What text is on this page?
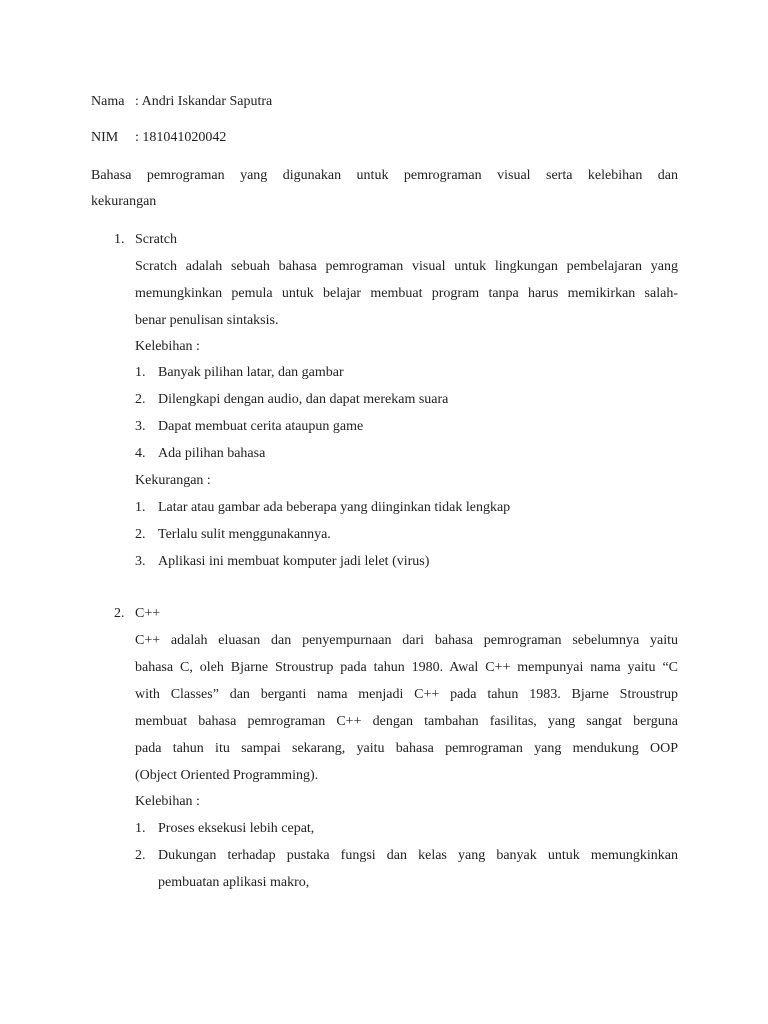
Nama : Andri Iskandar Saputra
NIM : 181041020042
Bahasa pemrograman yang digunakan untuk pemrograman visual serta kelebihan dan
kekurangan
1. Scratch
Scratch adalah sebuah bahasa pemrograman visual untuk lingkungan pembelajaran yang
memungkinkan pemula untuk belajar membuat program tanpa harus memikirkan salah-
benar penulisan sintaksis.
Kelebihan :
1. Banyak pilihan latar, dan gambar
2. Dilengkapi dengan audio, dan dapat merekam suara
3. Dapat membuat cerita ataupun game
4. Ada pilihan bahasa
Kekurangan :
1. Latar atau gambar ada beberapa yang diinginkan tidak lengkap
2. Terlalu sulit menggunakannya.
3. Aplikasi ini membuat komputer jadi lelet (virus)
2. C++
C++ adalah eluasan dan penyempurnaan dari bahasa pemrograman sebelumnya yaitu
bahasa C, oleh Bjarne Stroustrup pada tahun 1980. Awal C++ mempunyai nama yaitu “C
with Classes” dan berganti nama menjadi C++ pada tahun 1983. Bjarne Stroustrup
membuat bahasa pemrograman C++ dengan tambahan fasilitas, yang sangat berguna
pada tahun itu sampai sekarang, yaitu bahasa pemrograman yang mendukung OOP
(Object Oriented Programming).
Kelebihan :
1. Proses eksekusi lebih cepat,
2. Dukungan terhadap pustaka fungsi dan kelas yang banyak untuk memungkinkan
pembuatan aplikasi makro,
